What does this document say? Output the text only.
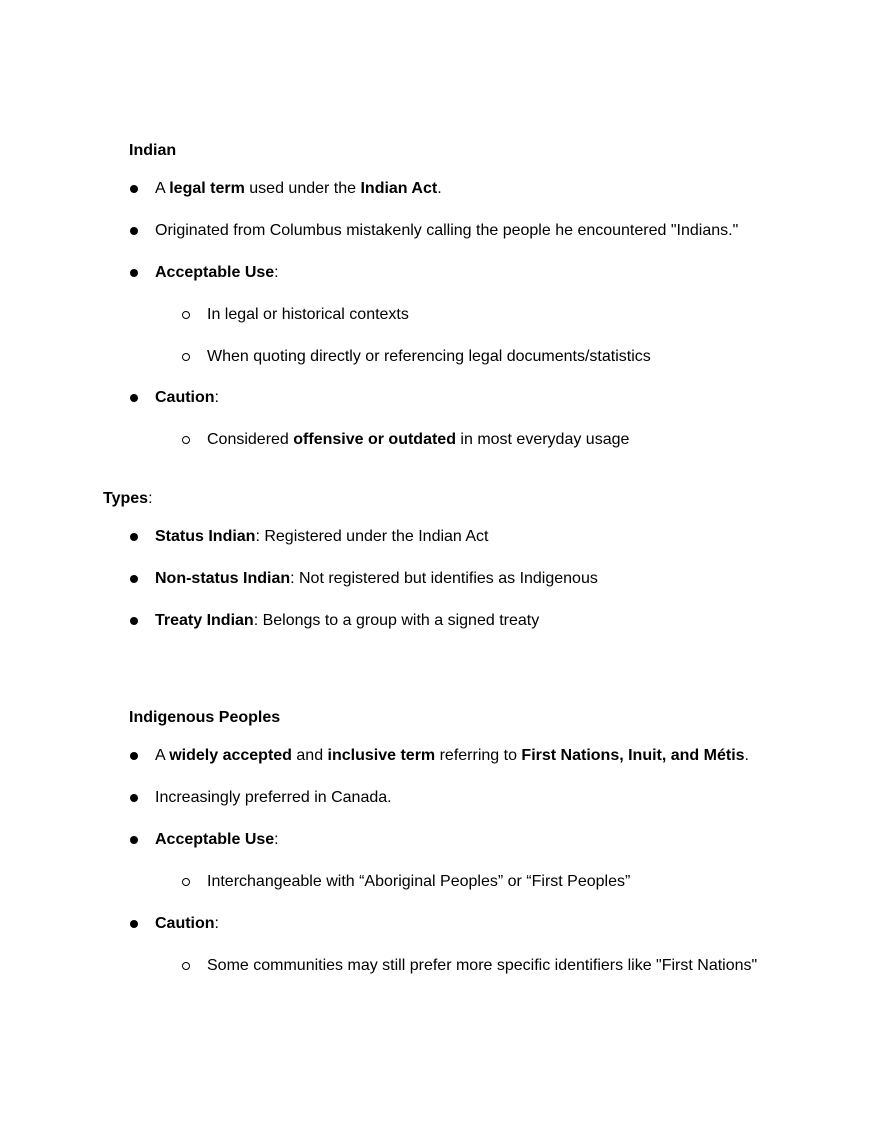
Indian
A legal term used under the Indian Act.
Originated from Columbus mistakenly calling the people he encountered "Indians."
Acceptable Use:
In legal or historical contexts
When quoting directly or referencing legal documents/statistics
Caution:
Considered offensive or outdated in most everyday usage
Types:
Status Indian: Registered under the Indian Act
Non-status Indian: Not registered but identifies as Indigenous
Treaty Indian: Belongs to a group with a signed treaty
Indigenous Peoples
A widely accepted and inclusive term referring to First Nations, Inuit, and Métis.
Increasingly preferred in Canada.
Acceptable Use:
Interchangeable with “Aboriginal Peoples” or “First Peoples”
Caution:
Some communities may still prefer more specific identifiers like "First Nations"
